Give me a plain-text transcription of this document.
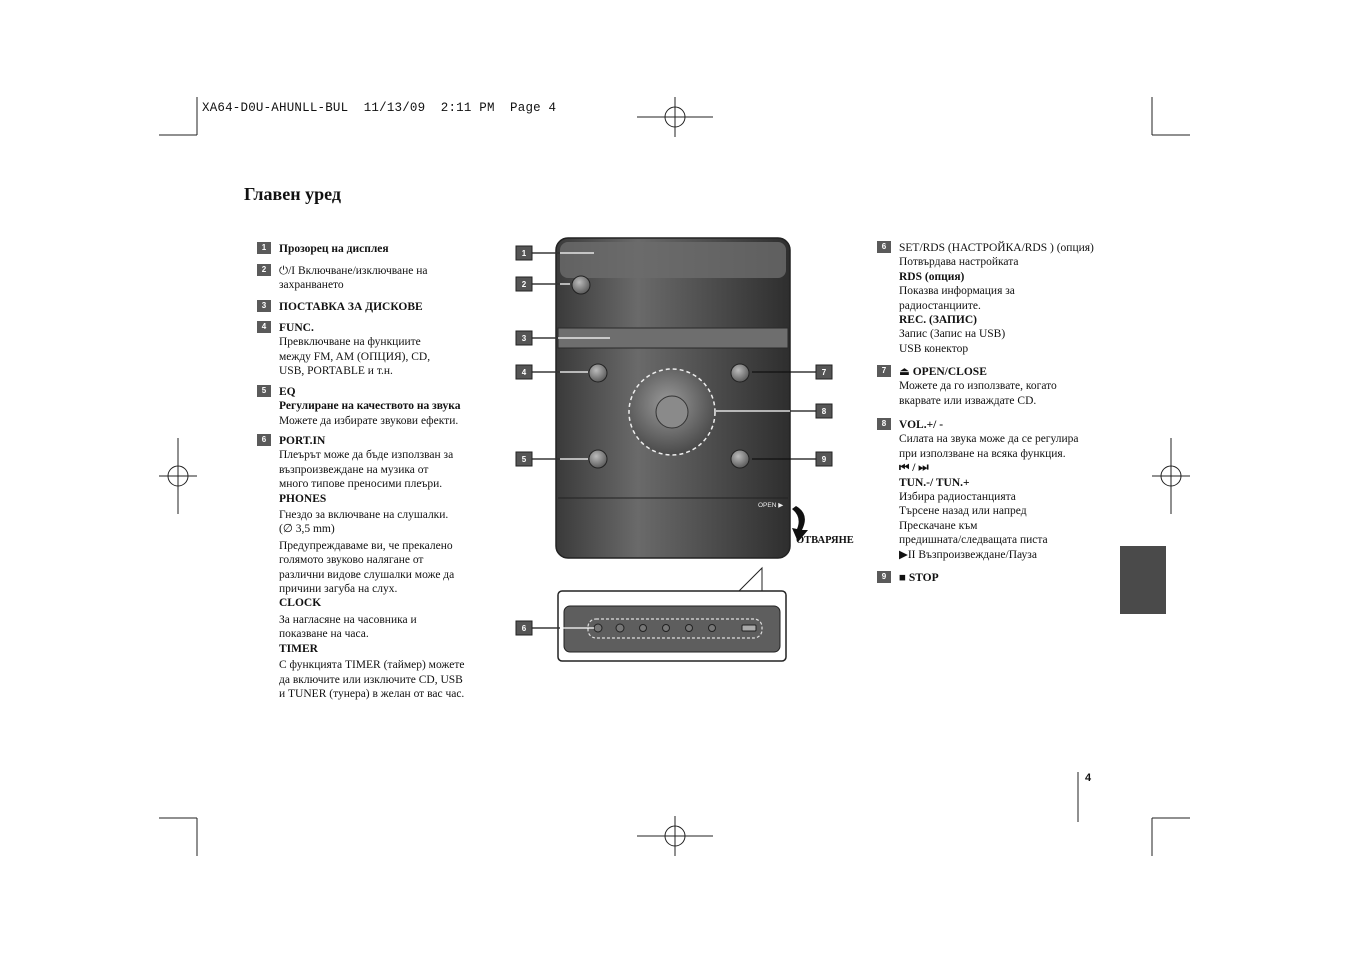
XA64-D0U-AHUNLL-BUL  11/13/09  2:11 PM  Page 4
Главен уред
1	Прозорец на дисплея
2	⏻/I Включване/изключване на
захранването
3	ПОСТАВКА ЗА ДИСКОВЕ
4	FUNC.
Превключване на функциите
между FM, AM (ОПЦИЯ), CD,
USB, PORTABLE и т.н.
5	EQ
Регулиране на качеството на звука
Можете да избирате звукови ефекти.
6	PORT.IN
Плеърът може да бъде използван за
възпроизвеждане на музика от
много типове преносими плеъри.
PHONES
Гнездо за включване на слушалки.
(∅ 3,5 mm)
Предупреждаваме ви, че прекалено
голямото звуково налягане от
различни видове слушалки може да
причини загуба на слух.
CLOCK
За нагласяне на часовника и
показване на часа.
TIMER
С функцията TIMER (таймер) можете
да включите или изключите CD, USB
и TUNER (тунера) в желан от вас час.
6	SET/RDS (НАСТРОЙКА/RDS ) (опция)
Потвърдава настройката
RDS (опция)
Показва информация за
радиостанциите.
REC. (ЗАПИС)
Запис (Запис на USB)
USB конектор
7	⏏ OPEN/CLOSE
Можете да го използвате, когато
вкарвате или изваждате CD.
8	VOL.+/ -
Силата на звука може да се регулира
при използване на всяка функция.
⏮ / ⏭
TUN.-/ TUN.+
Избира радиостанцията
Търсене назад или напред
Прескачане към
предишната/следващата писта
▶II Възпроизвеждане/Пауза
9	■ STOP
OPEN ▶
1
2
3
4
5
6
7
8
9
ОТВАРЯНЕ
4
